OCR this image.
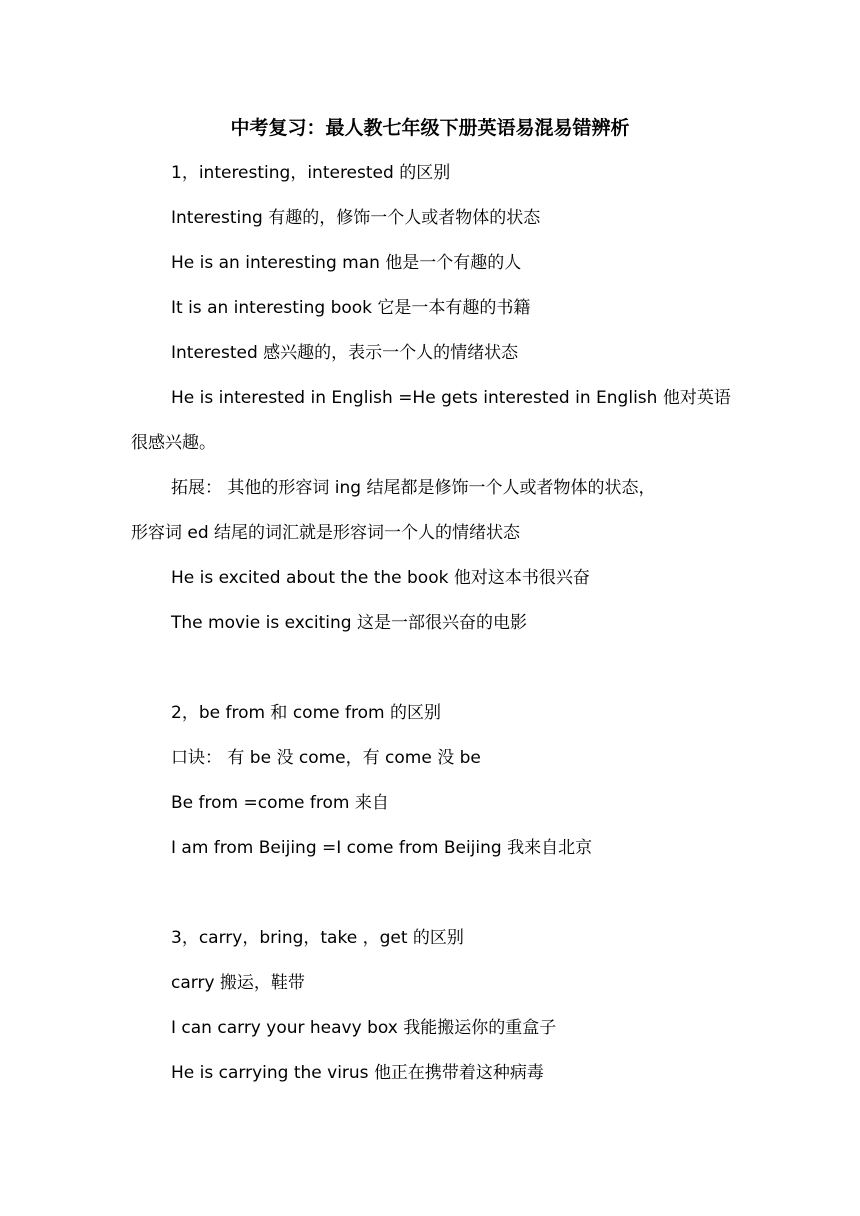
中考复习：最人教七年级下册英语易混易错辨析
1，interesting，interested 的区别
Interesting 有趣的，修饰一个人或者物体的状态
He is an interesting man 他是一个有趣的人
It is an interesting book 它是一本有趣的书籍
Interested 感兴趣的，表示一个人的情绪状态
He is interested in English =He gets interested in English 他对英语
很感兴趣。
拓展： 其他的形容词 ing 结尾都是修饰一个人或者物体的状态，
形容词 ed 结尾的词汇就是形容词一个人的情绪状态
He is excited about the the book 他对这本书很兴奋
The movie is exciting 这是一部很兴奋的电影
2，be from 和 come from 的区别
口诀： 有 be 没 come，有 come 没 be
Be from =come from 来自
I am from Beijing =I come from Beijing 我来自北京
3，carry，bring，take ，get 的区别
carry 搬运，鞋带
I can carry your heavy box 我能搬运你的重盒子
He is carrying the virus 他正在携带着这种病毒
